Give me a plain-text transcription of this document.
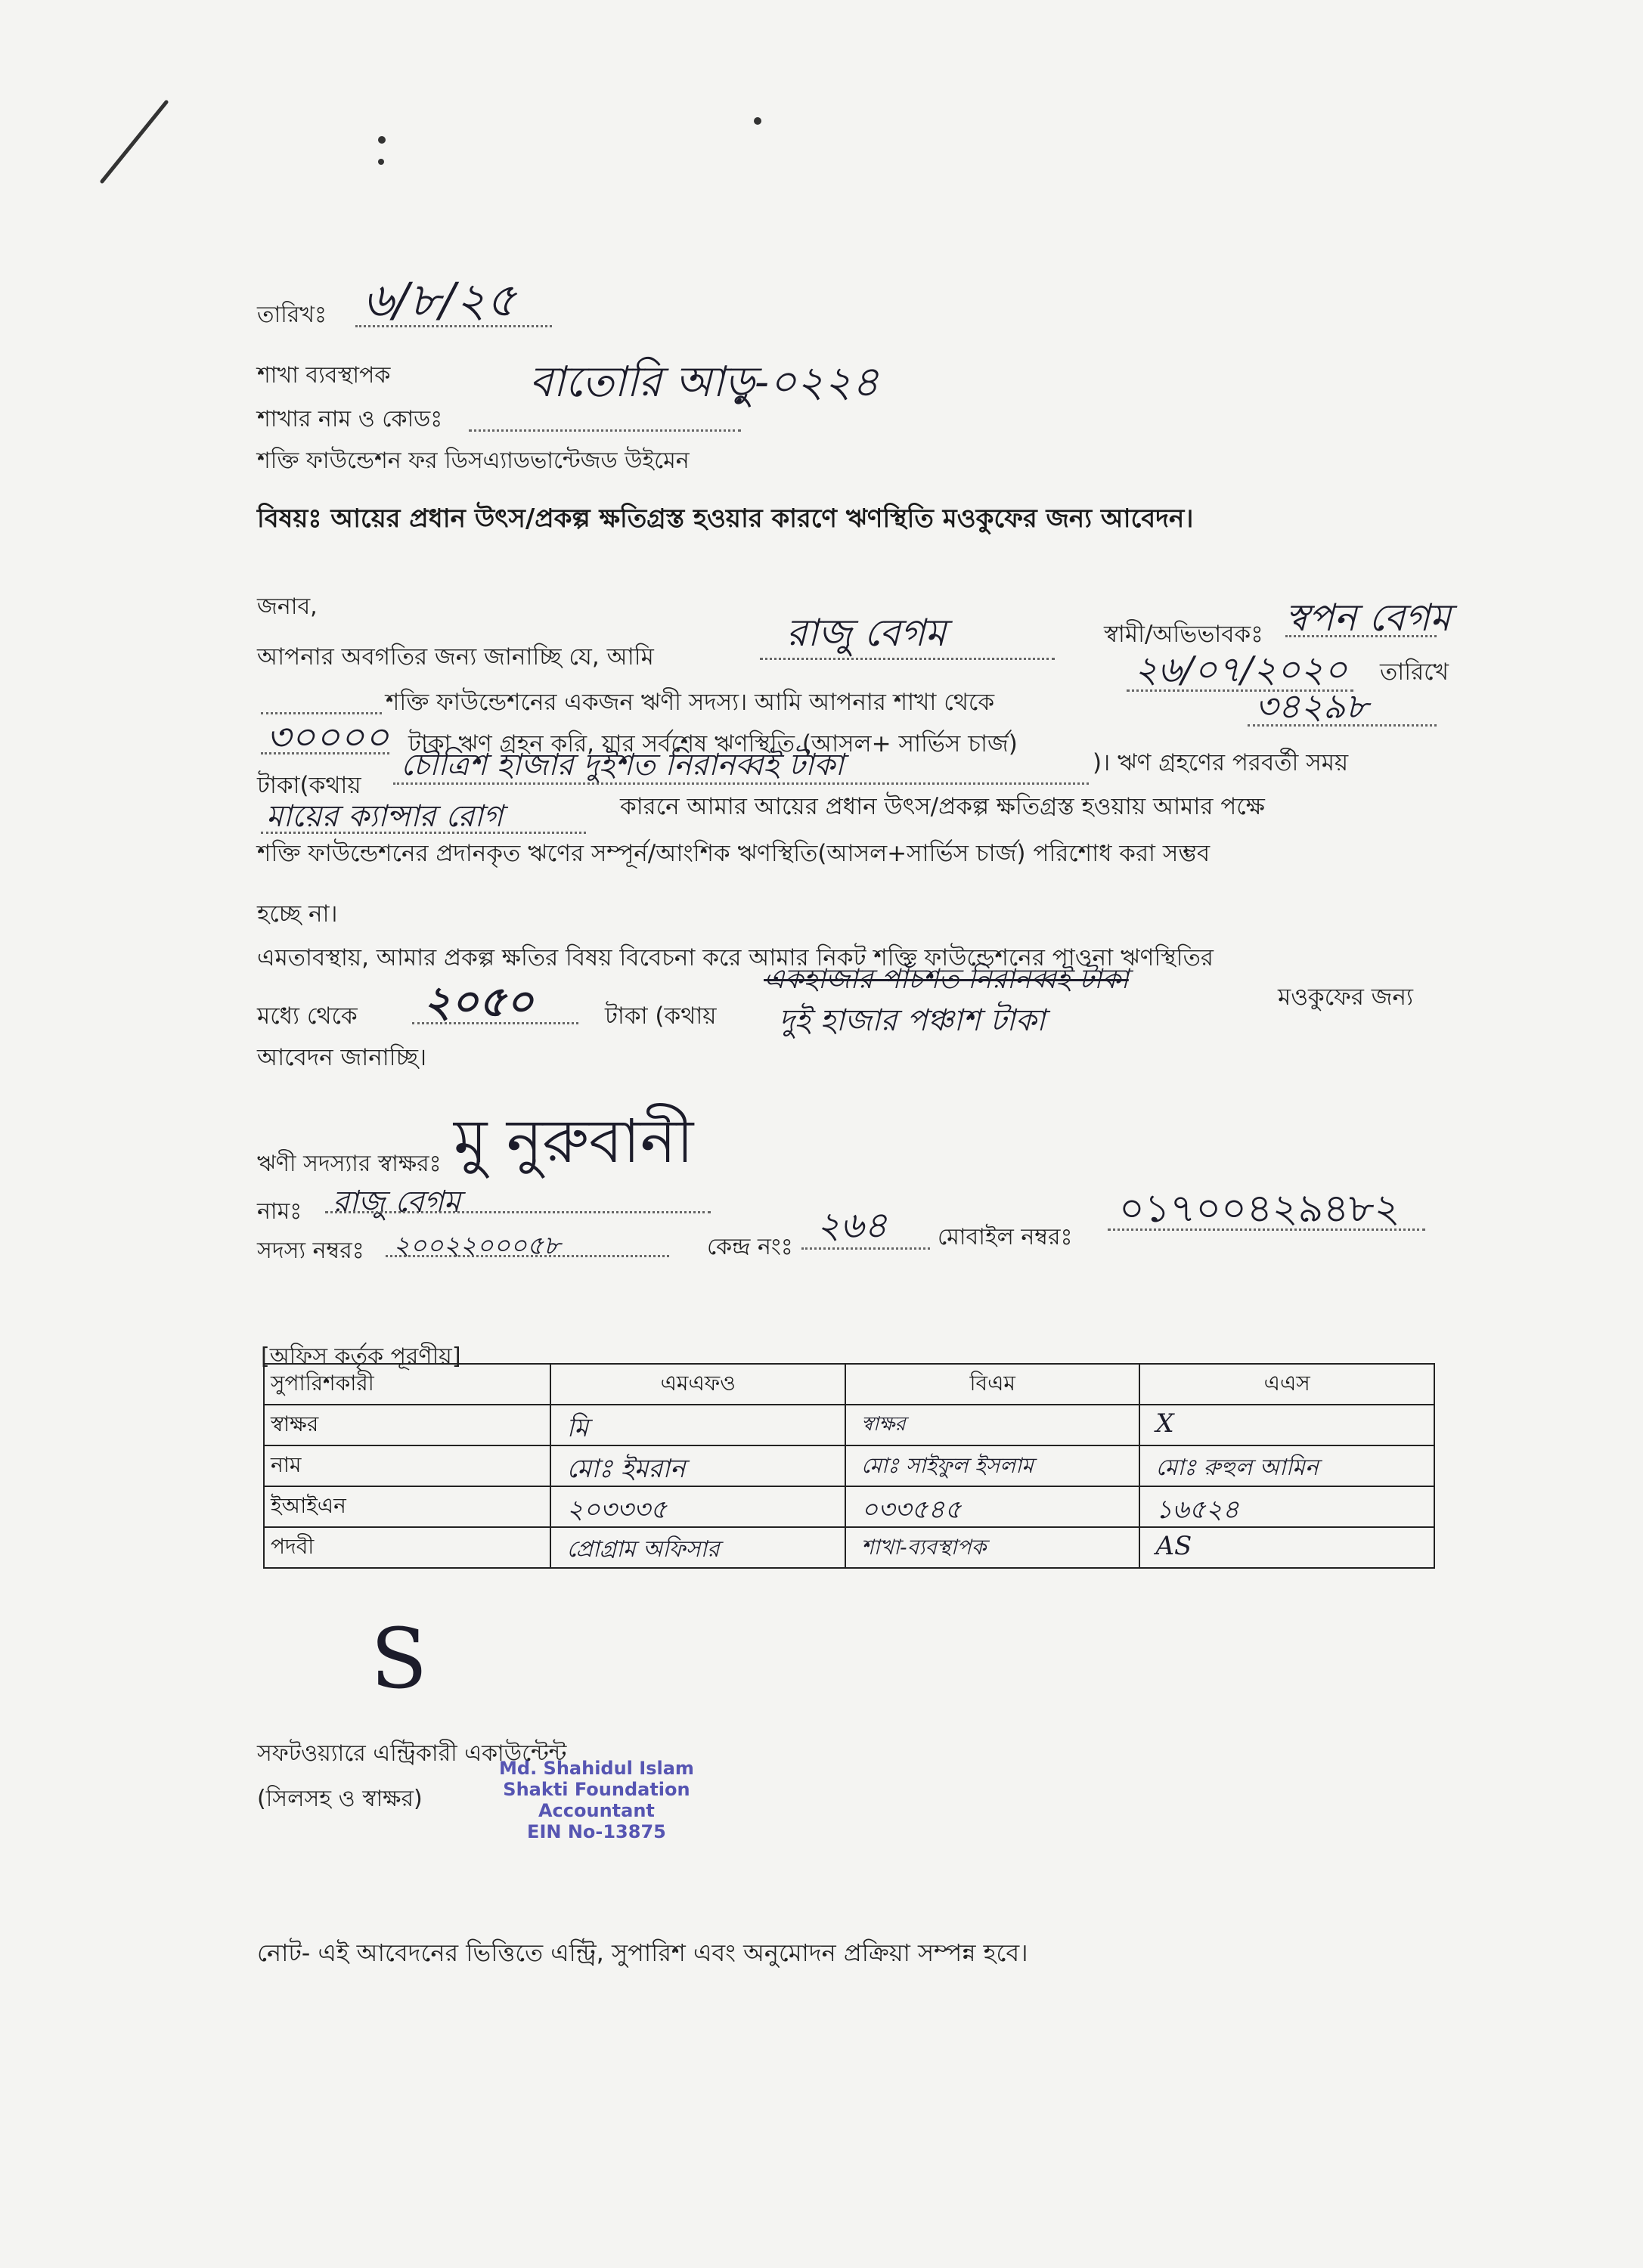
তারিখঃ ৬/৮/২৫
শাখা ব্যবস্থাপক
শাখার নাম ও কোডঃ
বাতোরি আড়ু-০২২৪
শক্তি ফাউন্ডেশন ফর ডিসএ্যাডভান্টেজড উইমেন
বিষয়ঃ আয়ের প্রধান উৎস/প্রকল্প ক্ষতিগ্রস্ত হওয়ার কারণে ঋণস্থিতি মওকুফের জন্য আবেদন।
জনাব,
আপনার অবগতির জন্য জানাচ্ছি যে, আমি
রাজু বেগম	স্বামী/অভিভাবকঃ স্বপন বেগম
শক্তি ফাউন্ডেশনের একজন ঋণী সদস্য। আমি আপনার শাখা থেকে
২৬/০৭/২০২০ তারিখে
৩০০০০ টাকা ঋণ গ্রহন করি, যার সর্বশেষ ঋণস্থিতি (আসল+ সার্ভিস চার্জ)
৩৪২৯৮
টাকা(কথায়
চৌত্রিশ হাজার দুইশত নিরানব্বই টাকা	)। ঋণ গ্রহণের পরবর্তী সময়
মায়ের ক্যান্সার রোগ	কারনে আমার আয়ের প্রধান উৎস/প্রকল্প ক্ষতিগ্রস্ত হওয়ায় আমার পক্ষে
শক্তি ফাউন্ডেশনের প্রদানকৃত ঋণের সম্পূর্ন/আংশিক ঋণস্থিতি(আসল+সার্ভিস চার্জ) পরিশোধ করা সম্ভব
হচ্ছে না।
এমতাবস্থায়, আমার প্রকল্প ক্ষতির বিষয় বিবেচনা করে আমার নিকট শক্তি ফাউন্ডেশনের পাওনা ঋণস্থিতির
মধ্যে থেকে ২০৫০	টাকা (কথায়
একহাজার পাঁচশত নিরানব্বই টাকা
দুই হাজার পঞ্চাশ টাকা
মওকুফের জন্য
আবেদন জানাচ্ছি।
ঋণী সদস্যার স্বাক্ষরঃ মু নুরুবানী
নামঃ রাজু বেগম
সদস্য নম্বরঃ ২০০২২০০০৫৮	কেন্দ্র নংঃ
২৬৪ মোবাইল নম্বরঃ
০১৭০০৪২৯৪৮২
[অফিস কর্তৃক পূরণীয়]
সুপারিশকারী	এমএফও	বিএম	এএস
স্বাক্ষর	মি	স্বাক্ষর	X

নাম	মোঃ ইমরান	মোঃ সাইফুল ইসলাম	মোঃ রুহুল আমিন

ইআইএন	২০৩৩৩৫	০৩৩৫৪৫	১৬৫২৪

পদবী	প্রোগ্রাম অফিসার	শাখা-ব্যবস্থাপক	AS
S
সফটওয়্যারে এন্ট্রিকারী একাউন্টেন্ট
(সিলসহ ও স্বাক্ষর)
Md. Shahidul Islam
Shakti Foundation
Accountant
EIN No-13875
নোট- এই আবেদনের ভিত্তিতে এন্ট্রি, সুপারিশ এবং অনুমোদন প্রক্রিয়া সম্পন্ন হবে।
